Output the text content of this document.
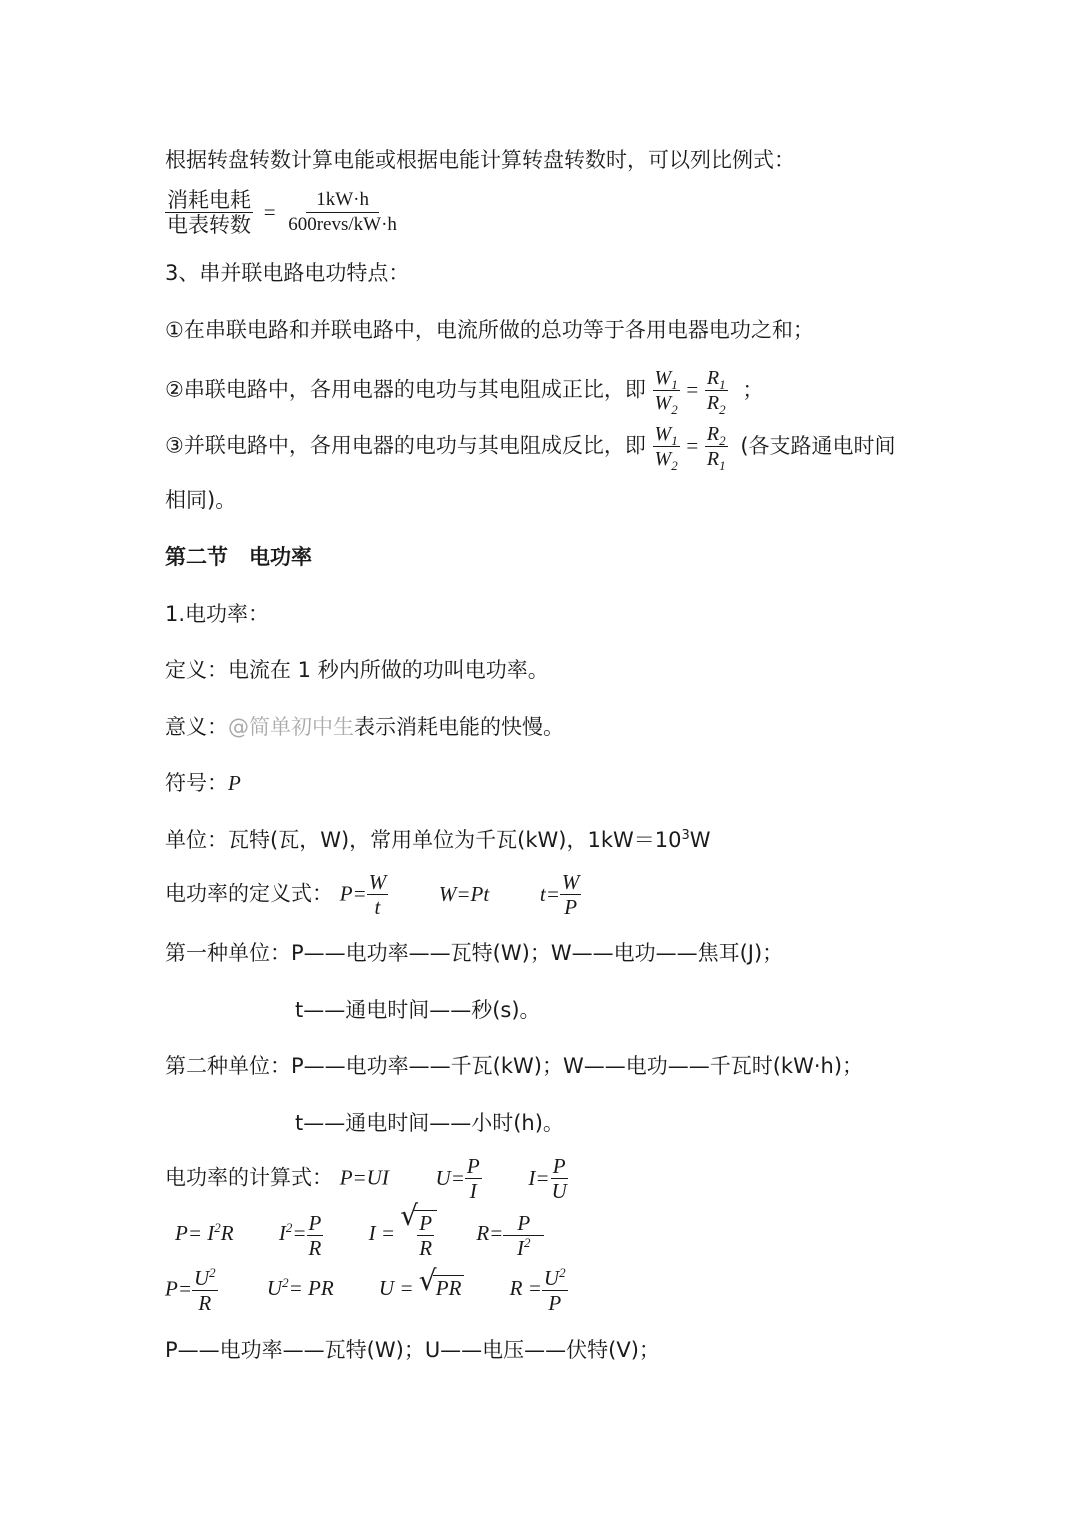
根据转盘转数计算电能或根据电能计算转盘转数时，可以列比例式：
$\frac{\text{消耗电耗}}{\text{电表转数}} = \frac{1kW\cdot h}{\text{600revs/kW·h}}$
3、串并联电路电功特点：
①在串联电路和并联电路中，电流所做的总功等于各用电器电功之和；
②串联电路中，各用电器的电功与其电阻成正比，即 $\frac{W_1}{W_2} = \frac{R_1}{R_2}$ ；
③并联电路中，各用电器的电功与其电阻成反比，即 $\frac{W_1}{W_2} = \frac{R_2}{R_1}$ (各支路通电时间
相同)。
第二节　电功率
1.电功率：
定义：电流在 1 秒内所做的功叫电功率。
意义：@简单初中生表示消耗电能的快慢。
符号：P
单位：瓦特(瓦，W)，常用单位为千瓦(kW)，$1kW=10^3W$
电功率的定义式： $P= \frac{W}{t} W=Pt$ $t= \frac{W}{P}$
第一种单位：P——电功率——瓦特(W)；W——电功——焦耳(J)；
t——通电时间——秒(s)。
第二种单位：P——电功率——千瓦(kW)；W——电功——千瓦时(kW·h)；
t——通电时间——小时(h)。
电功率的计算式： P=UI $U= \frac{P}{I} I= \frac{P}{U}$
$P= I^2R$ $I^2= \frac{P}{R}$ I = √ $\frac{P}{R} R= \frac{P}{I^2}$
$P= \frac{U^2}{R} U^2=$ PR U = √ PR $R = \frac{U^2}{P}$
P——电功率——瓦特(W)；U——电压——伏特(V)；
